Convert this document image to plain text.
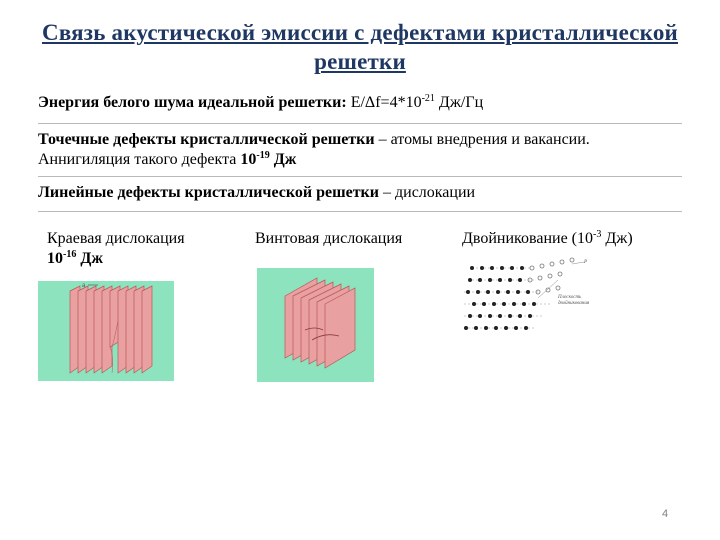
Связь акустической эмиссии с дефектами кристаллической
решетки
Энергия белого шума идеальной решетки: $E/\Delta f=4*10^{-21}$ Дж/Гц
Точечные дефекты кристаллической решетки – атомы внедрения и вакансии.
Аннигиляция такого дефекта $10^{-19}$ Дж
Линейные дефекты кристаллической решетки – дислокации
Краевая дислокация
$10^{-16}$ Дж
Винтовая дислокация	Двойникование ($10^{-3}$ Дж)
a
Плоскость
двойникования
P
4
